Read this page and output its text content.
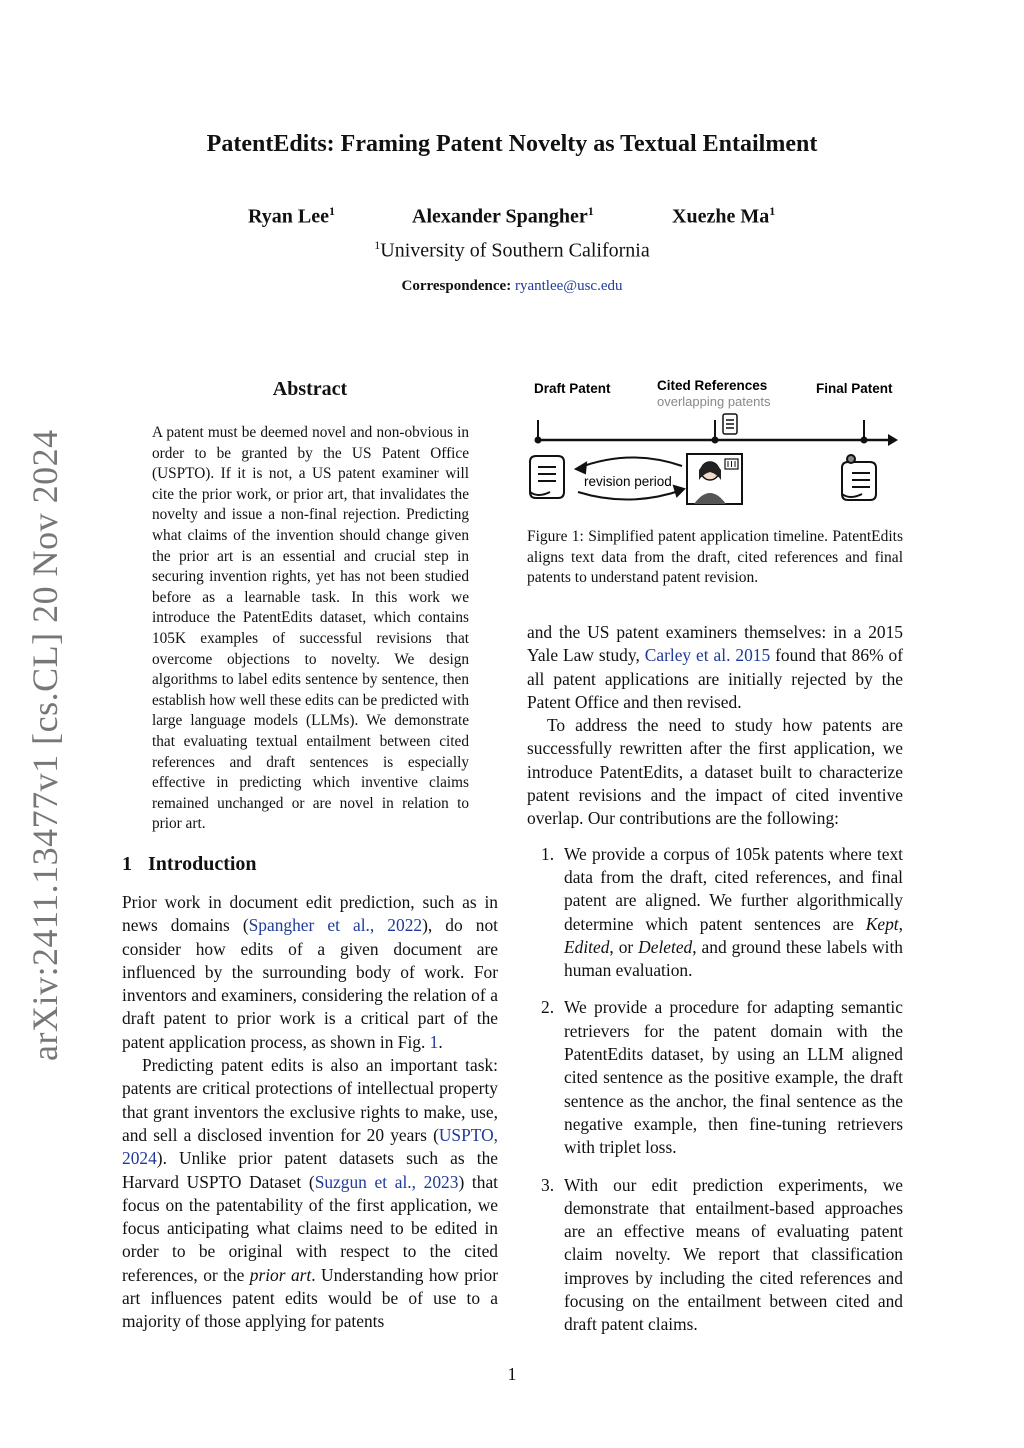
PatentEdits: Framing Patent Novelty as Textual Entailment
Ryan Lee$^1$	Alexander Spangher$^1$	Xuezhe Ma$^1$
$^1$University of Southern California
Correspondence: ryantlee@usc.edu
arXiv:2411.13477v1 [cs.CL] 20 Nov 2024
Abstract
A patent must be deemed novel and non-obvious in order to be granted by the US Patent Office (USPTO). If it is not, a US patent examiner will cite the prior work, or prior art, that invalidates the novelty and issue a non-final rejection. Predicting what claims of the invention should change given the prior art is an essential and crucial step in securing invention rights, yet has not been studied before as a learnable task. In this work we introduce the PatentEdits dataset, which contains 105K examples of successful revisions that overcome objections to novelty. We design algorithms to label edits sentence by sentence, then establish how well these edits can be predicted with large language models (LLMs). We demonstrate that evaluating textual entailment between cited references and draft sentences is especially effective in predicting which inventive claims remained unchanged or are novel in relation to prior art.
Draft Patent	Cited References
overlapping patents
Final Patent
revision period
Figure 1: Simplified patent application timeline. PatentEdits aligns text data from the draft, cited references and final patents to understand patent revision.
1 Introduction

Prior work in document edit prediction, such as in news domains (Spangher et al., 2022), do not consider how edits of a given document are influenced by the surrounding body of work. For inventors and examiners, considering the relation of a draft patent to prior work is a critical part of the patent application process, as shown in Fig. 1.

Predicting patent edits is also an important task: patents are critical protections of intellectual property that grant inventors the exclusive rights to make, use, and sell a disclosed invention for 20 years (USPTO, 2024). Unlike prior patent datasets such as the Harvard USPTO Dataset (Suzgun et al., 2023) that focus on the patentability of the first application, we focus anticipating what claims need to be edited in order to be original with respect to the cited references, or the prior art. Understanding how prior art influences patent edits would be of use to a majority of those applying for patents

and the US patent examiners themselves: in a 2015 Yale Law study, Carley et al. 2015 found that 86% of all patent applications are initially rejected by the Patent Office and then revised.

To address the need to study how patents are successfully rewritten after the first application, we introduce PatentEdits, a dataset built to characterize patent revisions and the impact of cited inventive overlap. Our contributions are the following:

1. We provide a corpus of 105k patents where text data from the draft, cited references, and final patent are aligned. We further algorithmically determine which patent sentences are Kept, Edited, or Deleted, and ground these labels with human evaluation.
2. We provide a procedure for adapting semantic retrievers for the patent domain with the PatentEdits dataset, by using an LLM aligned cited sentence as the positive example, the draft sentence as the anchor, the final sentence as the negative example, then fine-tuning retrievers with triplet loss.
3. With our edit prediction experiments, we demonstrate that entailment-based approaches are an effective means of evaluating patent claim novelty. We report that classification improves by including the cited references and focusing on the entailment between cited and draft patent claims.
1
